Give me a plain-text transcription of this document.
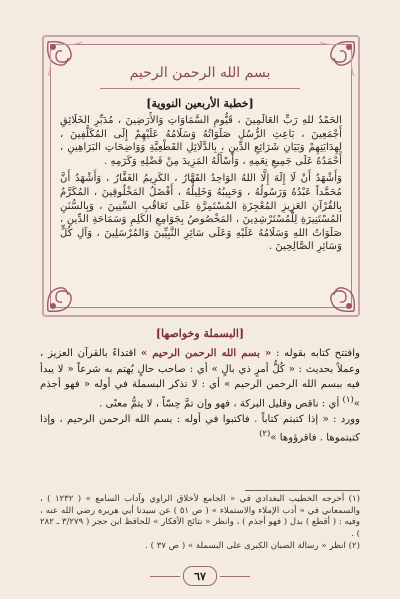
بسم الله الرحمن الرحيم
[خطبة الأربعين النووية]

الحَمْدُ للهِ رَبِّ العَالَمِينَ ، قَيُّومِ السَّمَاوَاتِ وَالأَرَضِينَ ، مُدَبِّرِ الخَلَائِقِ أَجْمَعِينَ ، بَاعِثِ الرُّسُلِ صَلَوَاتُهُ وَسَلَامُهُ عَلَيْهِمْ إِلَى المُكَلَّفِينَ ، لِهِدَايَتِهِمْ وَبَيَانِ شَرَائِعِ الدِّينِ ، بِالدَّلَائِلِ القَطْعِيَّةِ وَوَاضِحَاتِ البَرَاهِينِ ، أَحْمَدُهُ عَلَى جَمِيعِ نِعَمِهِ ، وَأَسْأَلُهُ المَزِيدَ مِنْ فَضْلِهِ وَكَرَمِهِ .

وَأَشْهَدُ أَنْ لَا إِلَهَ إِلَّا اللهُ الوَاحِدُ القَهَّارُ ، الكَرِيمُ الغَفَّارُ ، وَأَشْهَدُ أَنَّ مُحَمَّداً عَبْدُهُ وَرَسُولُهُ ، وَحَبِيبُهُ وَخَلِيلُهُ ، أَفْضَلُ المَخْلُوقِينَ ، المُكَرَّمُ بِالقُرْآنِ العَزِيزِ المُعْجِزَةِ المُسْتَمِرَّةِ عَلَى تَعَاقُبِ السِّنِينَ ، وَبِالسُّنَنِ المُسْتَنِيرَةِ لِلْمُسْتَرْشِدِينَ ، المَخْصُوصُ بِجَوَامِعِ الكَلِمِ وَسَمَاحَةِ الدِّينِ ، صَلَوَاتُ اللهِ وَسَلَامُهُ عَلَيْهِ وَعَلَى سَائِرِ النَّبِيِّينَ وَالمُرْسَلِينَ ، وَآلِ كُلٍّ وَسَائِرِ الصَّالِحِينَ .

[البسملة وخواصها]

وافتتح كتابه بقوله : « بسم الله الرحمن الرحيم » اقتداءً بالقرآن العزيز ، وعملاً بحديث : « كُلُّ أمرٍ ذي بالٍ » أي : صاحب حالٍ يُهتم به شرعاً « لا يبدأ فيه ببسم الله الرحمن الرحيم » أي : لا تذكر البسملة في أوله « فهو أجذم »$^{(١)}$ أي : ناقص وقليل البركة ، فهو وإن تمَّ حِسّاً ، لا يتمُّ معنًى .

وورد : « إذا كتبتم كتاباً . فاكتبوا في أوله : بسم الله الرحمن الرحيم ، وإذا كتبتموها . فاقرؤوها »$^{(٢)}$

(١) أخرجه الخطيب البغدادي في « الجامع لأخلاق الراوي وآداب السامع » ( ١٢٣٢ ) ، والسمعاني في « أدب الإملاء والاستملاء » ( ص ٥١ ) عن سيدنا أبي هريرة رضي الله عنه ، وفيه : ( أقطع ) بدل ( فهو أجذم ) ، وانظر « نتائج الأفكار » للحافظ ابن حجر ( ٣/٢٧٩ ـ ٢٨٢ ) .

(٢) انظر « رسالة الصبان الكبرى على البسملة » ( ص ٣٧ ) .

٦٧
